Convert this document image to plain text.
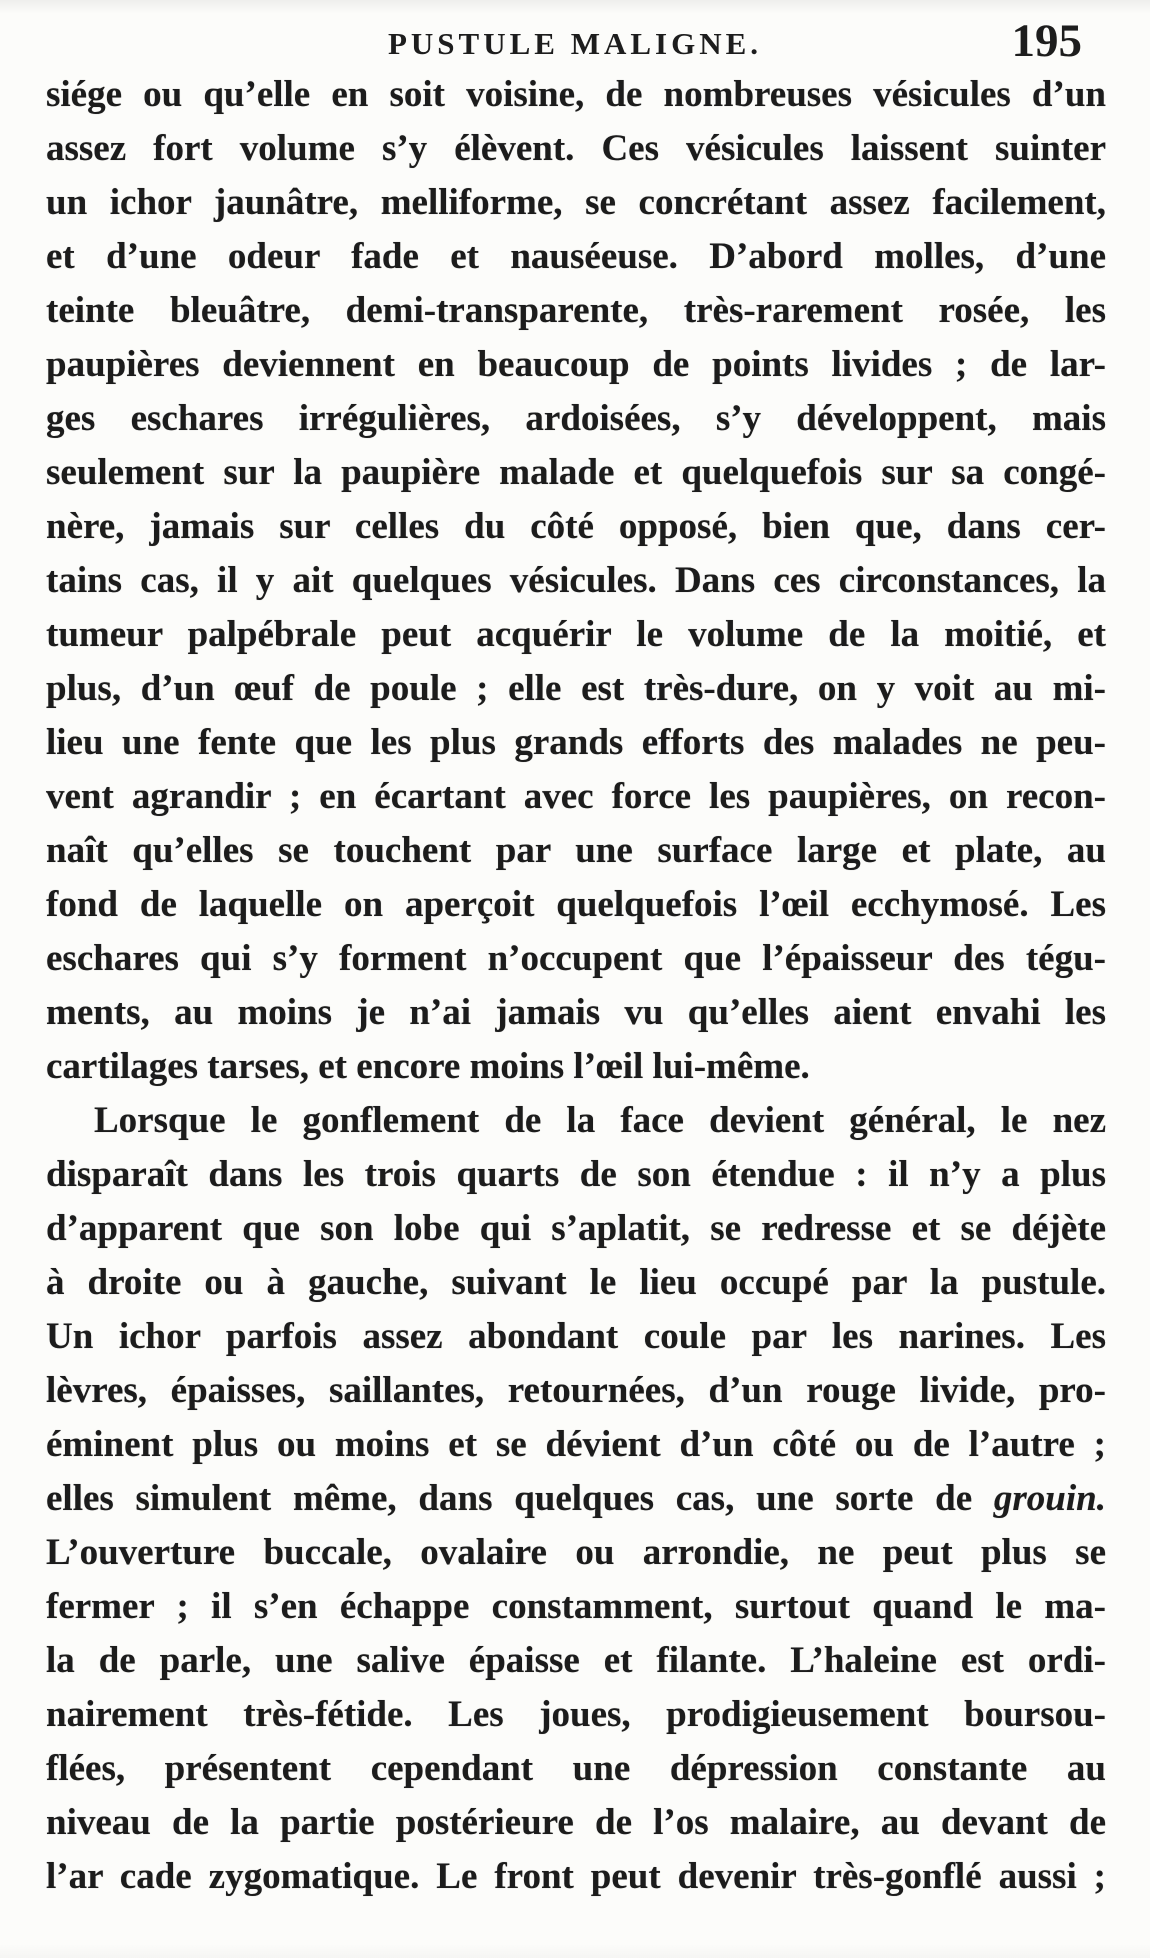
PUSTULE MALIGNE.	195
siége ou qu’elle en soit voisine, de nombreuses vésicules d’un
assez fort volume s’y élèvent. Ces vésicules laissent suinter
un ichor jaunâtre, melliforme, se concrétant assez facilement,
et d’une odeur fade et nauséeuse. D’abord molles, d’une
teinte bleuâtre, demi-transparente, très-rarement rosée, les
paupières deviennent en beaucoup de points livides ; de lar-
ges eschares irrégulières, ardoisées, s’y développent, mais
seulement sur la paupière malade et quelquefois sur sa congé-
nère, jamais sur celles du côté opposé, bien que, dans cer-
tains cas, il y ait quelques vésicules. Dans ces circonstances, la
tumeur palpébrale peut acquérir le volume de la moitié, et
plus, d’un œuf de poule ; elle est très-dure, on y voit au mi-
lieu une fente que les plus grands efforts des malades ne peu-
vent agrandir ; en écartant avec force les paupières, on recon-
naît qu’elles se touchent par une surface large et plate, au
fond de laquelle on aperçoit quelquefois l’œil ecchymosé. Les
eschares qui s’y forment n’occupent que l’épaisseur des tégu-
ments, au moins je n’ai jamais vu qu’elles aient envahi les
cartilages tarses, et encore moins l’œil lui-même.
Lorsque le gonflement de la face devient général, le nez
disparaît dans les trois quarts de son étendue : il n’y a plus
d’apparent que son lobe qui s’aplatit, se redresse et se déjète
à droite ou à gauche, suivant le lieu occupé par la pustule.
Un ichor parfois assez abondant coule par les narines. Les
lèvres, épaisses, saillantes, retournées, d’un rouge livide, pro-
éminent plus ou moins et se dévient d’un côté ou de l’autre ;
elles simulent même, dans quelques cas, une sorte de grouin.
L’ouverture buccale, ovalaire ou arrondie, ne peut plus se
fermer ; il s’en échappe constamment, surtout quand le ma-
la de parle, une salive épaisse et filante. L’haleine est ordi-
nairement très-fétide. Les joues, prodigieusement boursou-
flées, présentent cependant une dépression constante au
niveau de la partie postérieure de l’os malaire, au devant de
l’ar cade zygomatique. Le front peut devenir très-gonflé aussi ;
